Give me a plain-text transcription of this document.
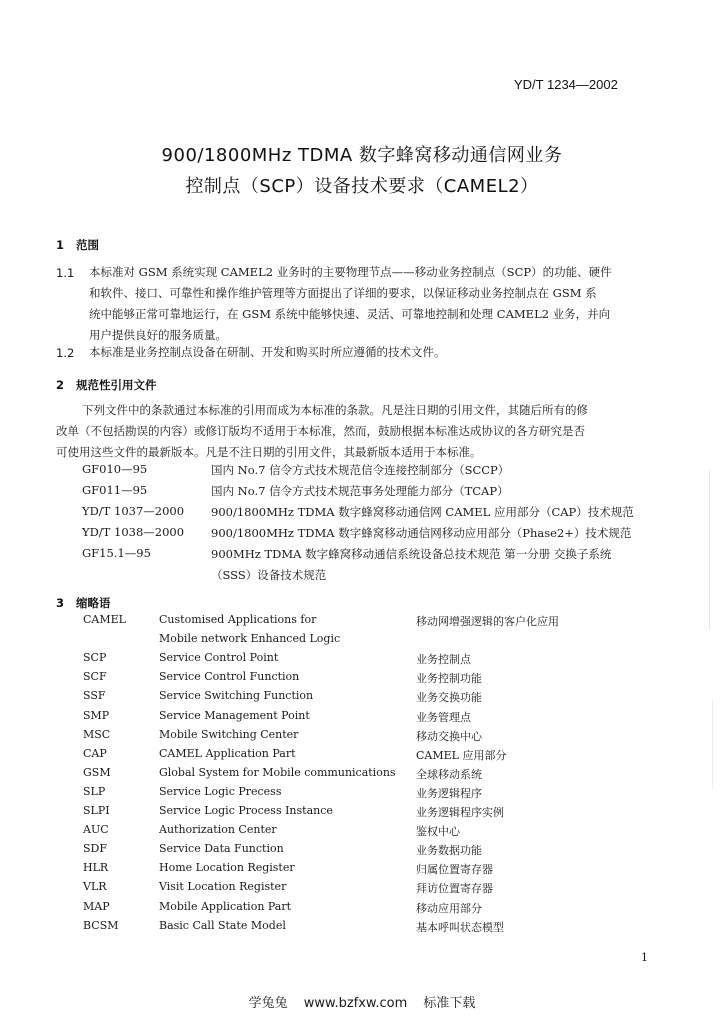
YD/T 1234—2002
900/1800MHz TDMA 数字蜂窝移动通信网业务
控制点（SCP）设备技术要求（CAMEL2）
1 范围
1.1 本标准对 GSM 系统实现 CAMEL2 业务时的主要物理节点——移动业务控制点（SCP）的功能、硬件
和软件、接口、可靠性和操作维护管理等方面提出了详细的要求，以保证移动业务控制点在 GSM 系
统中能够正常可靠地运行，在 GSM 系统中能够快速、灵活、可靠地控制和处理 CAMEL2 业务，并向
用户提供良好的服务质量。
1.2 本标准是业务控制点设备在研制、开发和购买时所应遵循的技术文件。
2 规范性引用文件
下列文件中的条款通过本标准的引用而成为本标准的条款。凡是注日期的引用文件，其随后所有的修
改单（不包括勘误的内容）或修订版均不适用于本标准，然而，鼓励根据本标准达成协议的各方研究是否
可使用这些文件的最新版本。凡是不注日期的引用文件，其最新版本适用于本标准。
GF010—95	国内 No.7 信令方式技术规范信令连接控制部分（SCCP）
GF011—95	国内 No.7 信令方式技术规范事务处理能力部分（TCAP）
YD/T 1037—2000 900/1800MHz TDMA 数字蜂窝移动通信网 CAMEL 应用部分（CAP）技术规范
YD/T 1038—2000 900/1800MHz TDMA 数字蜂窝移动通信网移动应用部分（Phase2+）技术规范
GF15.1—95	900MHz TDMA 数字蜂窝移动通信系统设备总技术规范 第一分册 交换子系统
（SSS）设备技术规范
3 缩略语
CAMEL	Customised Applications for	移动网增强逻辑的客户化应用
Mobile network Enhanced Logic
SCP	Service Control Point	业务控制点
SCF	Service Control Function	业务控制功能
SSF	Service Switching Function	业务交换功能
SMP	Service Management Point	业务管理点
MSC	Mobile Switching Center	移动交换中心
CAP	CAMEL Application Part	CAMEL 应用部分
GSM	Global System for Mobile communications 全球移动系统
SLP	Service Logic Precess	业务逻辑程序
SLPI	Service Logic Process Instance	业务逻辑程序实例
AUC	Authorization Center	鉴权中心
SDF	Service Data Function	业务数据功能
HLR	Home Location Register	归属位置寄存器
VLR	Visit Location Register	拜访位置寄存器
MAP	Mobile Application Part	移动应用部分
BCSM	Basic Call State Model	基本呼叫状态模型
1
学兔兔 www.bzfxw.com 标准下载
